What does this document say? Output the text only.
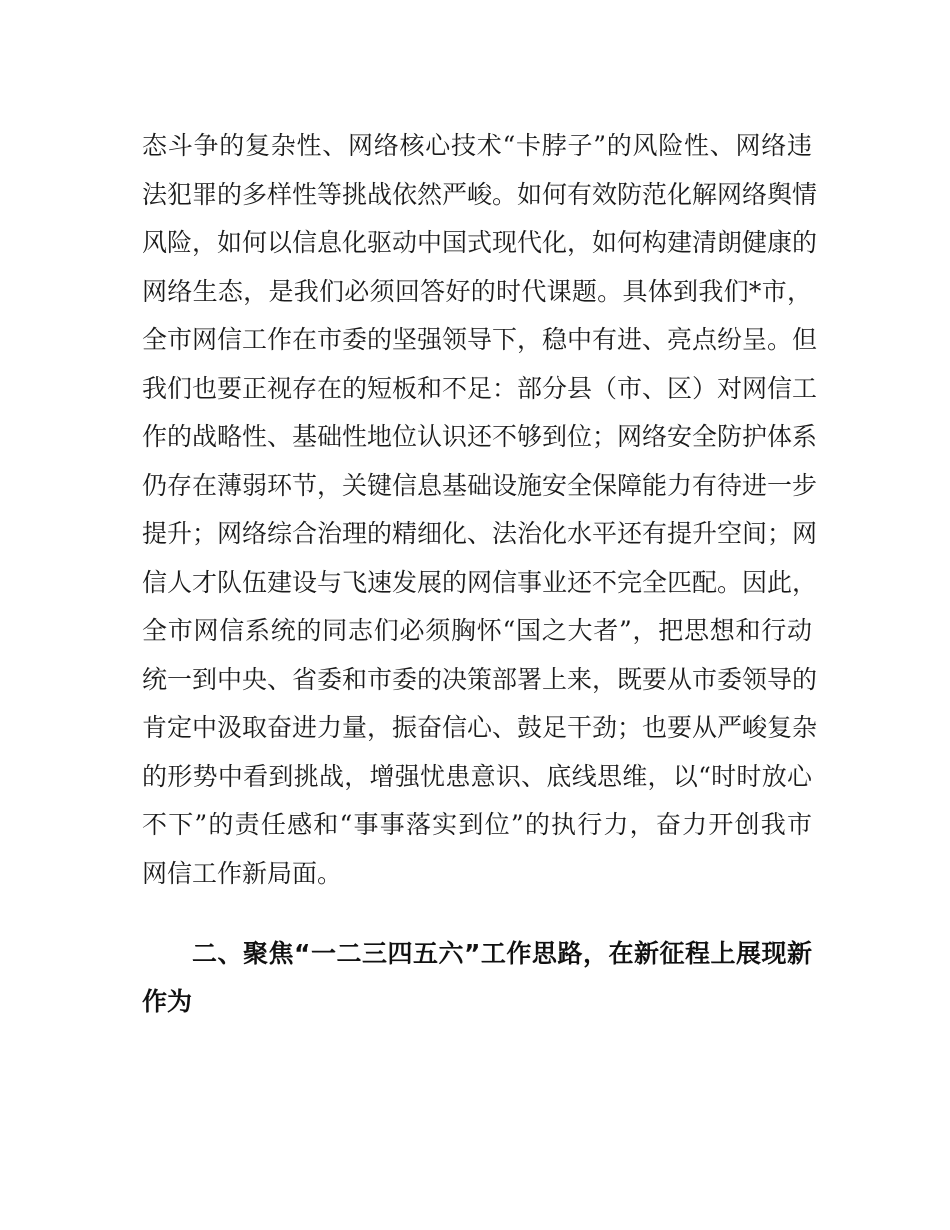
态斗争的复杂性、网络核心技术“卡脖子”的风险性、网络违
法犯罪的多样性等挑战依然严峻。如何有效防范化解网络舆情
风险，如何以信息化驱动中国式现代化，如何构建清朗健康的
网络生态，是我们必须回答好的时代课题。具体到我们*市，
全市网信工作在市委的坚强领导下，稳中有进、亮点纷呈。但
我们也要正视存在的短板和不足：部分县（市、区）对网信工
作的战略性、基础性地位认识还不够到位；网络安全防护体系
仍存在薄弱环节，关键信息基础设施安全保障能力有待进一步
提升；网络综合治理的精细化、法治化水平还有提升空间；网
信人才队伍建设与飞速发展的网信事业还不完全匹配。因此，
全市网信系统的同志们必须胸怀“国之大者”，把思想和行动
统一到中央、省委和市委的决策部署上来，既要从市委领导的
肯定中汲取奋进力量，振奋信心、鼓足干劲；也要从严峻复杂
的形势中看到挑战，增强忧患意识、底线思维，以“时时放心
不下”的责任感和“事事落实到位”的执行力，奋力开创我市
网信工作新局面。
二、聚焦“一二三四五六”工作思路，在新征程上展现新
作为
